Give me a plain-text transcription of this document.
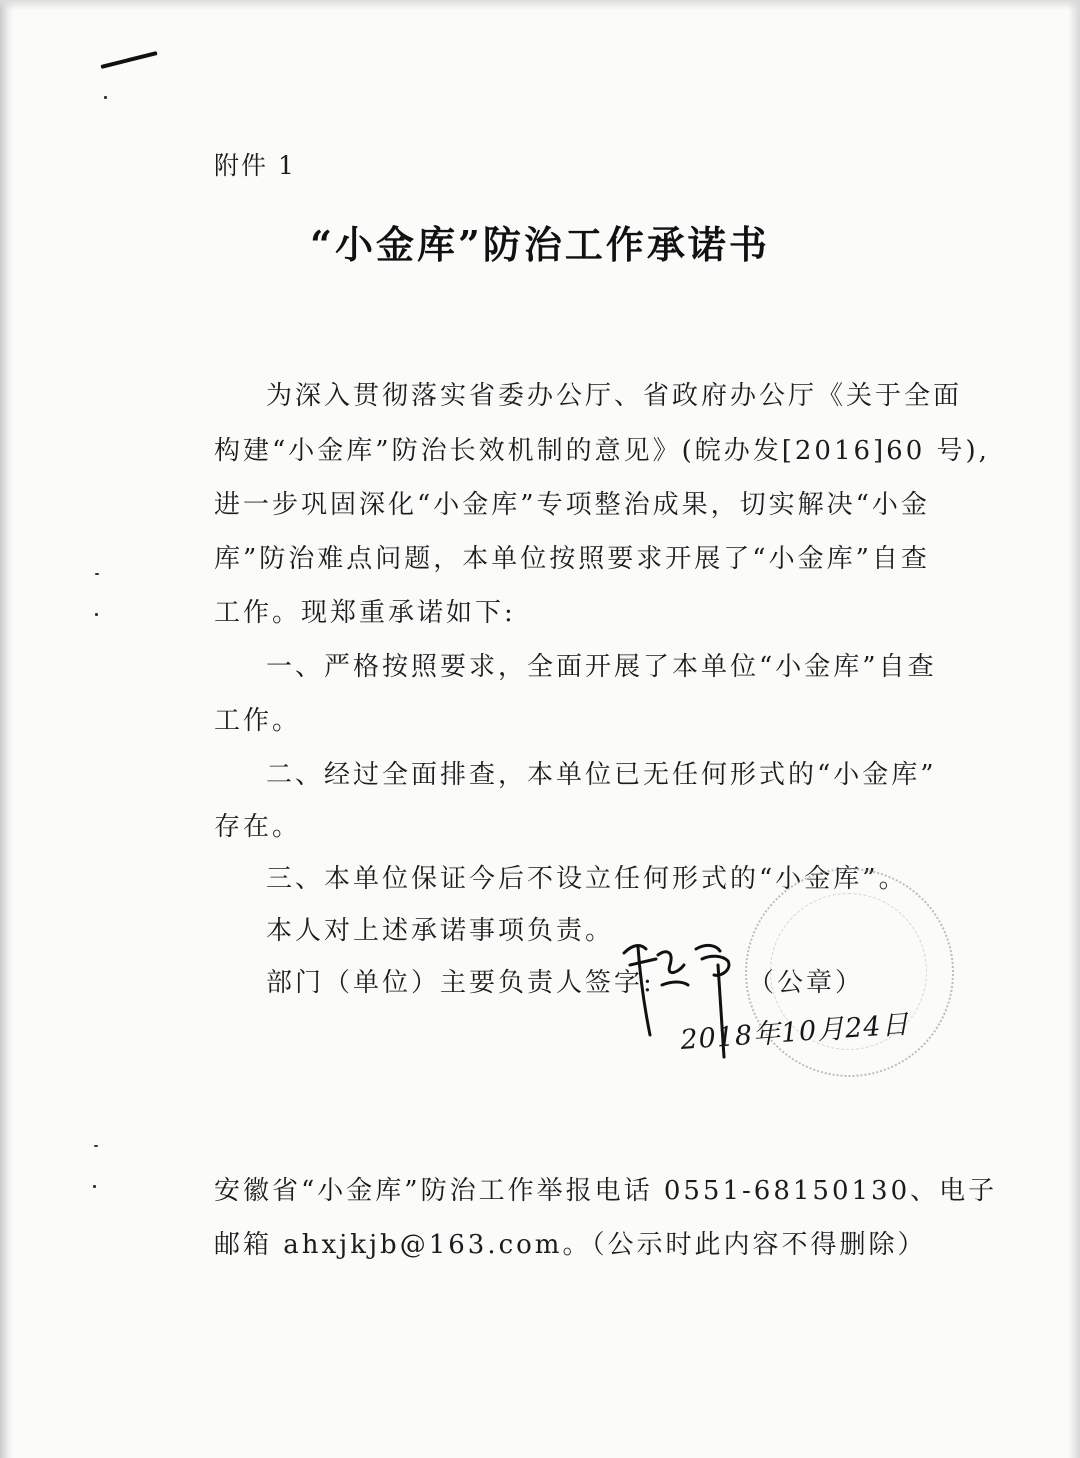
附件 1
“小金库”防治工作承诺书
为深入贯彻落实省委办公厅、省政府办公厅《关于全面
构建“小金库”防治长效机制的意见》(皖办发[2016]60 号),
进一步巩固深化“小金库”专项整治成果，切实解决“小金
库”防治难点问题，本单位按照要求开展了“小金库”自查
工作。现郑重承诺如下:
一、严格按照要求，全面开展了本单位“小金库”自查
工作。
二、经过全面排查，本单位已无任何形式的“小金库”
存在。
三、本单位保证今后不设立任何形式的“小金库”。
本人对上述承诺事项负责。
部门（单位）主要负责人签字:	（公章）
2018年10月24日
安徽省“小金库”防治工作举报电话 0551-68150130、电子
邮箱 ahxjkjb@163.com。（公示时此内容不得删除）
